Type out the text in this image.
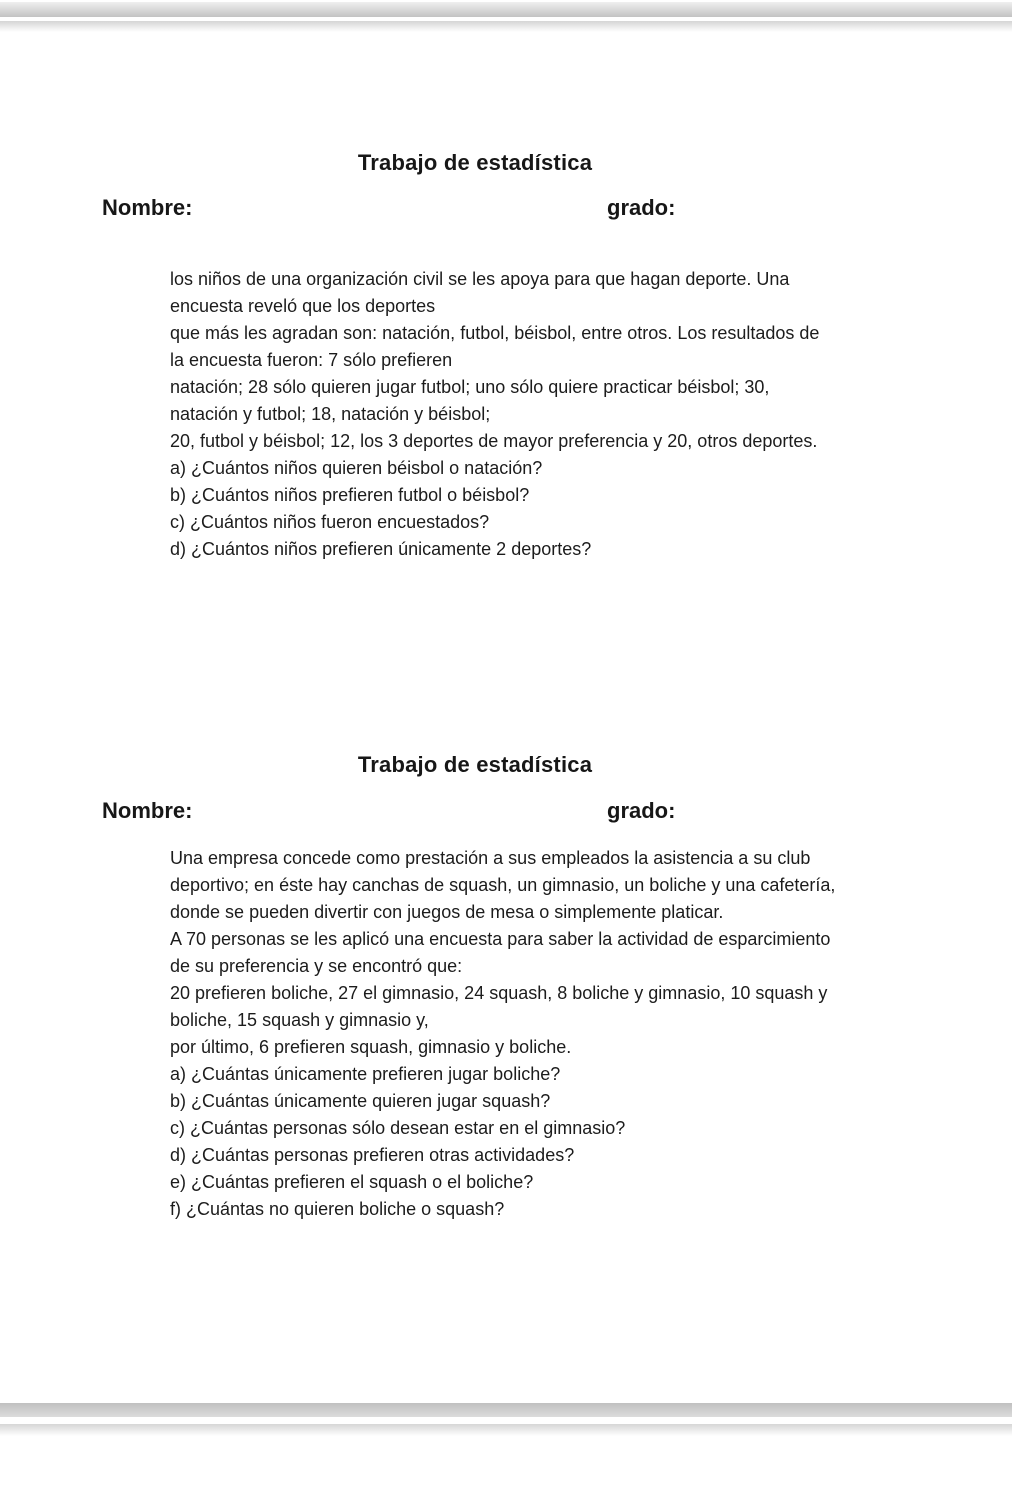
Trabajo de estadística
Nombre:	grado:
los niños de una organización civil se les apoya para que hagan deporte. Una
encuesta reveló que los deportes
que más les agradan son: natación, futbol, béisbol, entre otros. Los resultados de
la encuesta fueron: 7 sólo prefieren
natación; 28 sólo quieren jugar futbol; uno sólo quiere practicar béisbol; 30,
natación y futbol; 18, natación y béisbol;
20, futbol y béisbol; 12, los 3 deportes de mayor preferencia y 20, otros deportes.
a) ¿Cuántos niños quieren béisbol o natación?
b) ¿Cuántos niños prefieren futbol o béisbol?
c) ¿Cuántos niños fueron encuestados?
d) ¿Cuántos niños prefieren únicamente 2 deportes?
Trabajo de estadística
Nombre:	grado:
Una empresa concede como prestación a sus empleados la asistencia a su club
deportivo; en éste hay canchas de squash, un gimnasio, un boliche y una cafetería,
donde se pueden divertir con juegos de mesa o simplemente platicar.
A 70 personas se les aplicó una encuesta para saber la actividad de esparcimiento
de su preferencia y se encontró que:
20 prefieren boliche, 27 el gimnasio, 24 squash, 8 boliche y gimnasio, 10 squash y
boliche, 15 squash y gimnasio y,
por último, 6 prefieren squash, gimnasio y boliche.
a) ¿Cuántas únicamente prefieren jugar boliche?
b) ¿Cuántas únicamente quieren jugar squash?
c) ¿Cuántas personas sólo desean estar en el gimnasio?
d) ¿Cuántas personas prefieren otras actividades?
e) ¿Cuántas prefieren el squash o el boliche?
f) ¿Cuántas no quieren boliche o squash?
